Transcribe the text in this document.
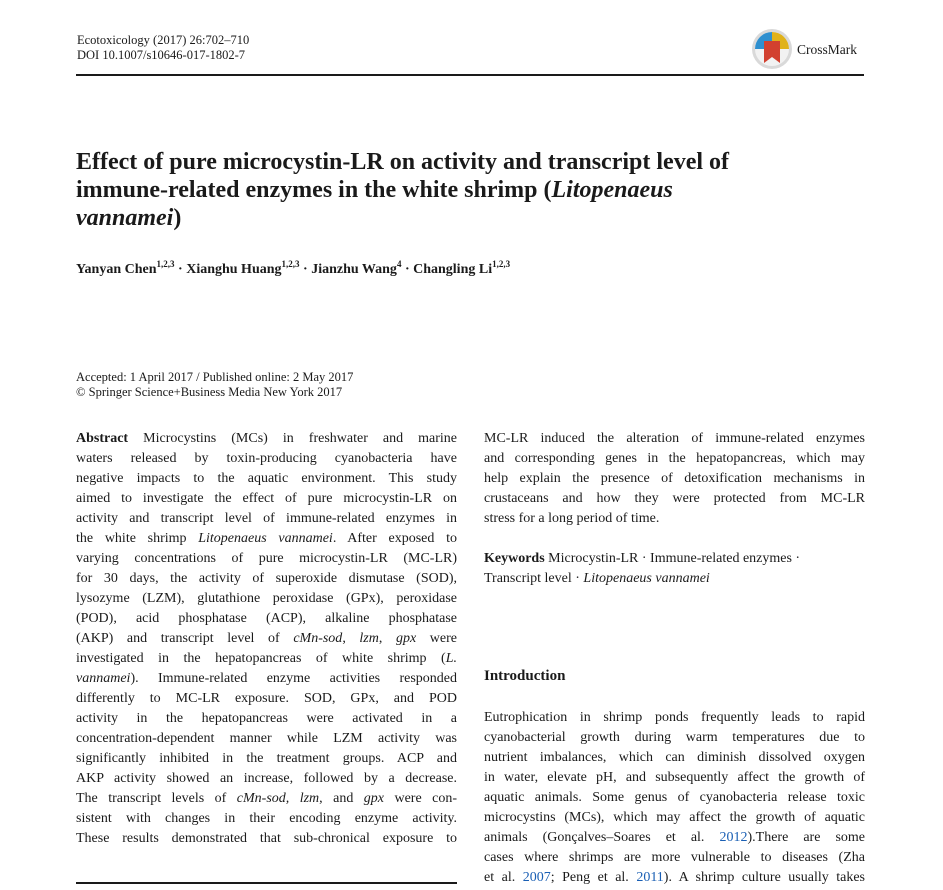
Ecotoxicology (2017) 26:702–710
DOI 10.1007/s10646-017-1802-7	CrossMark
Effect of pure microcystin-LR on activity and transcript level of
immune-related enzymes in the white shrimp (Litopenaeus
vannamei)
Yanyan Chen$^{1,2,3}$ · Xianghu Huang$^{1,2,3}$ · Jianzhu Wang$^4$ · Changling Li$^{1,2,3}$
Accepted: 1 April 2017 / Published online: 2 May 2017
© Springer Science+Business Media New York 2017
Abstract Microcystins (MCs) in freshwater and marine
waters released by toxin-producing cyanobacteria have
negative impacts to the aquatic environment. This study
aimed to investigate the effect of pure microcystin-LR on
activity and transcript level of immune-related enzymes in
the white shrimp Litopenaeus vannamei. After exposed to
varying concentrations of pure microcystin-LR (MC-LR)
for 30 days, the activity of superoxide dismutase (SOD),
lysozyme (LZM), glutathione peroxidase (GPx), peroxidase
(POD), acid phosphatase (ACP), alkaline phosphatase
(AKP) and transcript level of cMn-sod, lzm, gpx were
investigated in the hepatopancreas of white shrimp (L.
vannamei). Immune-related enzyme activities responded
differently to MC-LR exposure. SOD, GPx, and POD
activity in the hepatopancreas were activated in a
concentration-dependent manner while LZM activity was
significantly inhibited in the treatment groups. ACP and
AKP activity showed an increase, followed by a decrease.
The transcript levels of cMn-sod, lzm, and gpx were con-
sistent with changes in their encoding enzyme activity.
These results demonstrated that sub-chronical exposure to
MC-LR induced the alteration of immune-related enzymes
and corresponding genes in the hepatopancreas, which may
help explain the presence of detoxification mechanisms in
crustaceans and how they were protected from MC-LR
stress for a long period of time.
Keywords Microcystin-LR · Immune-related enzymes ·
Transcript level · Litopenaeus vannamei
Introduction
Eutrophication in shrimp ponds frequently leads to rapid
cyanobacterial growth during warm temperatures due to
nutrient imbalances, which can diminish dissolved oxygen
in water, elevate pH, and subsequently affect the growth of
aquatic animals. Some genus of cyanobacteria release toxic
microcystins (MCs), which may affect the growth of aquatic
animals (Gonçalves–Soares et al. 2012).There are some
cases where shrimps are more vulnerable to diseases (Zha
et al. 2007; Peng et al. 2011). A shrimp culture usually takes
